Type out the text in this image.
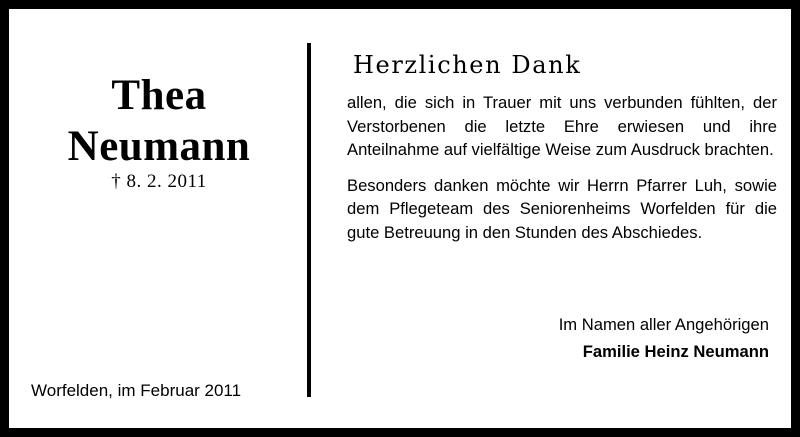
Thea
Neumann
† 8. 2. 2011
Worfelden, im Februar 2011
Herzlichen Dank

allen, die sich in Trauer mit uns verbunden fühlten, der Verstorbenen die letzte Ehre erwiesen und ihre Anteilnahme auf vielfältige Weise zum Ausdruck brachten.

Besonders danken möchte wir Herrn Pfarrer Luh, sowie dem Pflegeteam des Seniorenheims Worfelden für die gute Betreuung in den Stunden des Abschiedes.

Im Namen aller Angehörigen
Familie Heinz Neumann
